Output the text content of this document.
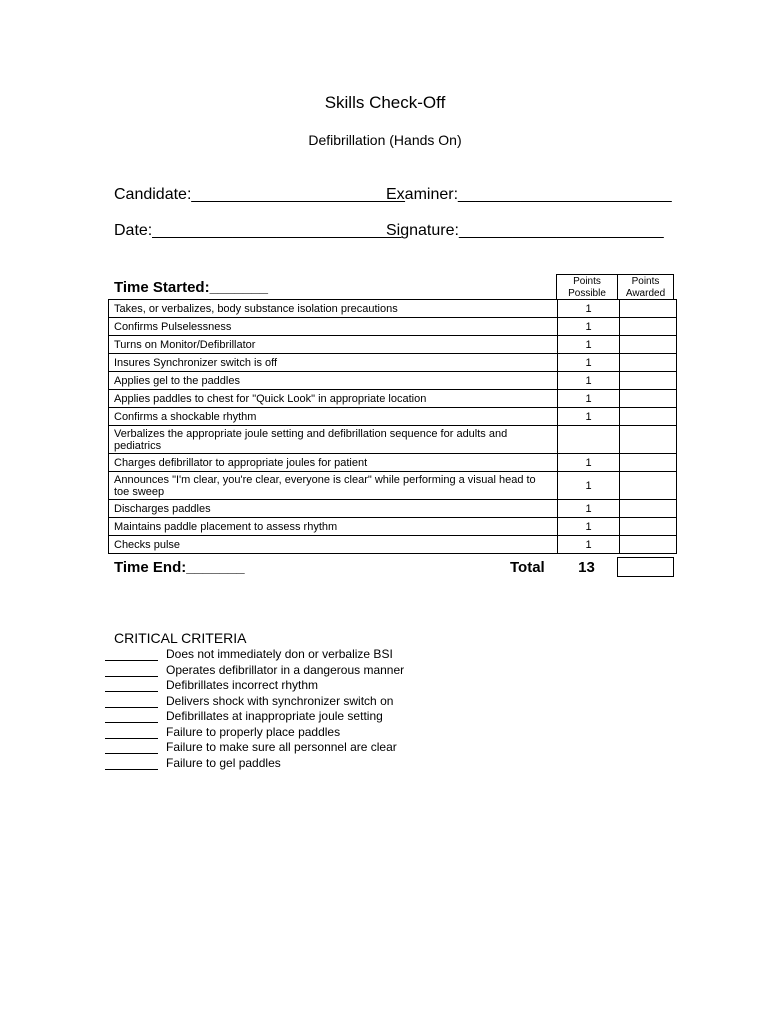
Skills Check-Off
Defibrillation (Hands On)
Candidate:________________________
Examiner:________________________
Date:____________________________
Signature:_______________________
Time Started:_______	Points
Possible
Points
Awarded
Takes, or verbalizes, body substance isolation precautions	1	
Confirms Pulselessness	1	
Turns on Monitor/Defibrillator	1	
Insures Synchronizer switch is off	1	
Applies gel to the paddles	1	
Applies paddles to chest for "Quick Look" in appropriate location	1	
Confirms a shockable rhythm	1	
Verbalizes the appropriate joule setting and defibrillation sequence for adults and pediatrics		
Charges defibrillator to appropriate joules for patient	1	
Announces "I'm clear, you're clear, everyone is clear" while performing a visual head to toe sweep	1	
Discharges paddles	1	
Maintains paddle placement to assess rhythm	1	
Checks pulse	1	
Time End:_______	Total	13
CRITICAL CRITERIA
Does not immediately don or verbalize BSI
Operates defibrillator in a dangerous manner
Defibrillates incorrect rhythm
Delivers shock with synchronizer switch on
Defibrillates at inappropriate joule setting
Failure to properly place paddles
Failure to make sure all personnel are clear
Failure to gel paddles
